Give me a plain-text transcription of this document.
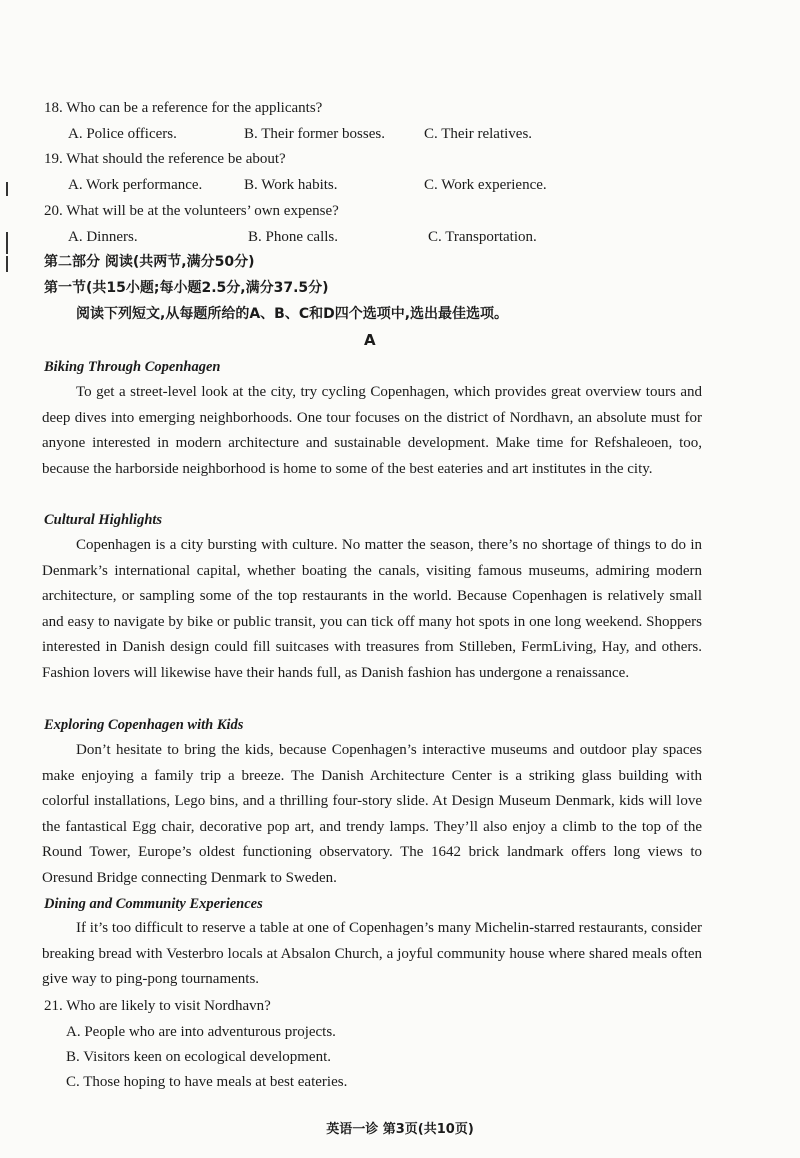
18. Who can be a reference for the applicants?
A. Police officers.	B. Their former bosses.	C. Their relatives.
19. What should the reference be about?
A. Work performance.	B. Work habits.	C. Work experience.
20. What will be at the volunteers’ own expense?
A. Dinners.	B. Phone calls.	C. Transportation.
第二部分 阅读(共两节,满分50分)
第一节(共15小题;每小题2.5分,满分37.5分)
阅读下列短文,从每题所给的A、B、C和D四个选项中,选出最佳选项。
A
Biking Through Copenhagen
To get a street-level look at the city, try cycling Copenhagen, which provides great overview tours and deep dives into emerging neighborhoods. One tour focuses on the district of Nordhavn, an absolute must for anyone interested in modern architecture and sustainable development. Make time for Refshaleoen, too, because the harborside neighborhood is home to some of the best eateries and art institutes in the city.
Cultural Highlights
Copenhagen is a city bursting with culture. No matter the season, there’s no shortage of things to do in Denmark’s international capital, whether boating the canals, visiting famous museums, admiring modern architecture, or sampling some of the top restaurants in the world. Because Copenhagen is relatively small and easy to navigate by bike or public transit, you can tick off many hot spots in one long weekend. Shoppers interested in Danish design could fill suitcases with treasures from Stilleben, FermLiving, Hay, and others. Fashion lovers will likewise have their hands full, as Danish fashion has undergone a renaissance.
Exploring Copenhagen with Kids
Don’t hesitate to bring the kids, because Copenhagen’s interactive museums and outdoor play spaces make enjoying a family trip a breeze. The Danish Architecture Center is a striking glass building with colorful installations, Lego bins, and a thrilling four-story slide. At Design Museum Denmark, kids will love the fantastical Egg chair, decorative pop art, and trendy lamps. They’ll also enjoy a climb to the top of the Round Tower, Europe’s oldest functioning observatory. The 1642 brick landmark offers long views to Oresund Bridge connecting Denmark to Sweden.
Dining and Community Experiences
If it’s too difficult to reserve a table at one of Copenhagen’s many Michelin-starred restaurants, consider breaking bread with Vesterbro locals at Absalon Church, a joyful community house where shared meals often give way to ping-pong tournaments.
21. Who are likely to visit Nordhavn?
A. People who are into adventurous projects.
B. Visitors keen on ecological development.
C. Those hoping to have meals at best eateries.
英语一诊 第3页(共10页)
